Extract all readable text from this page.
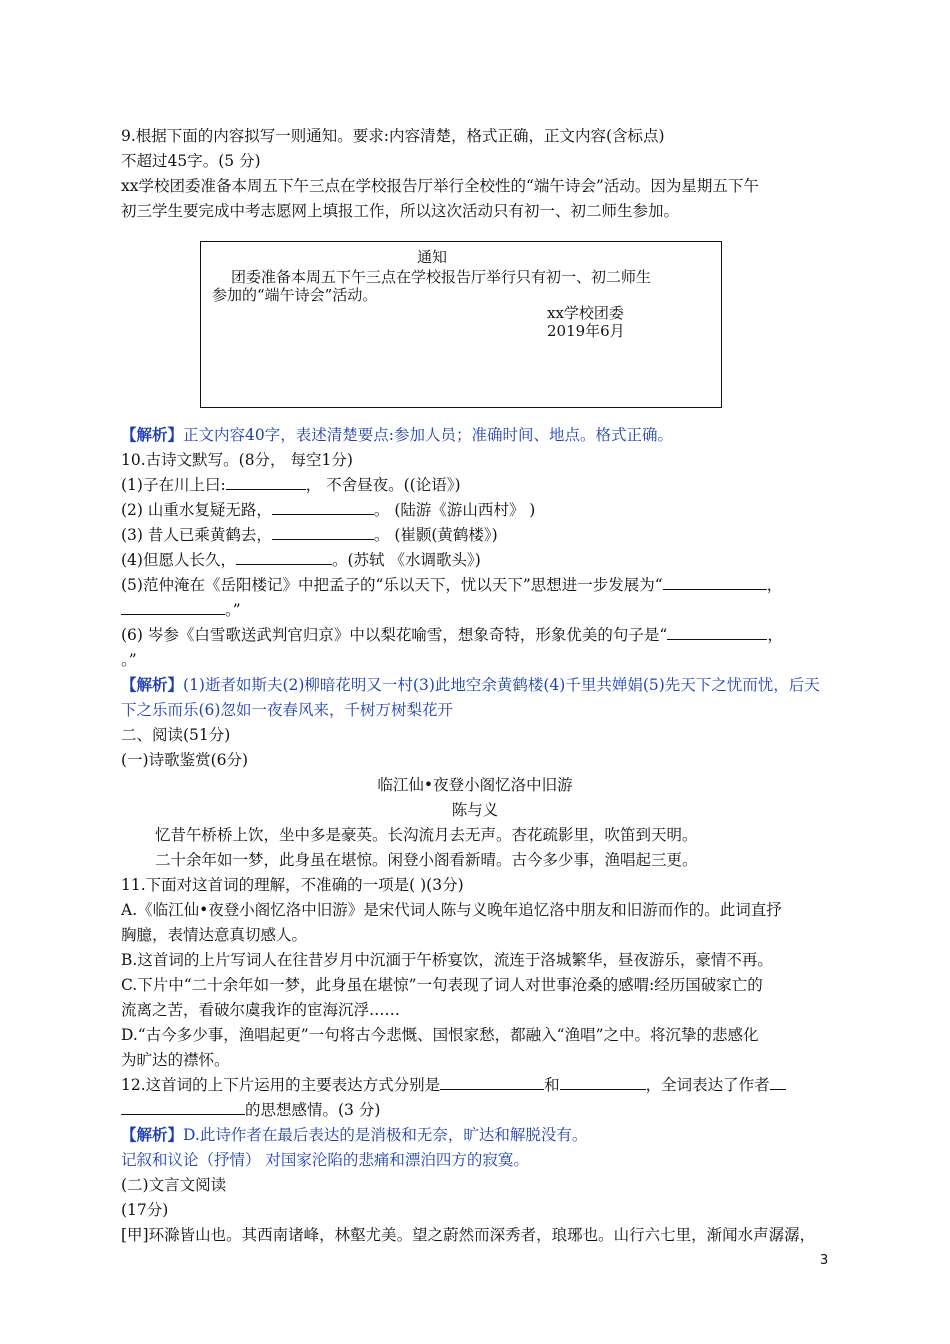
9.根据下面的内容拟写一则通知。要求:内容清楚，格式正确，正文内容(含标点)
不超过45字。(5 分)
xx学校团委准备本周五下午三点在学校报告厅举行全校性的“端午诗会”活动。因为星期五下午
初三学生要完成中考志愿网上填报工作，所以这次活动只有初一、初二师生参加。
通知
团委准备本周五下午三点在学校报告厅举行只有初一、初二师生
参加的“端午诗会”活动。
xx学校团委
2019年6月
【解析】正文内容40字，表述清楚要点:参加人员；准确时间、地点。格式正确。
10.古诗文默写。(8分， 每空1分)
(1)子在川上曰:	， 不舍昼夜。((论语》)
(2) 山重水复疑无路，	。 (陆游《游山西村》 )
(3) 昔人已乘黄鹤去，	。 (崔颢(黄鹤楼》)
(4)但愿人长久，	。(苏轼 《水调歌头》)
(5)范仲淹在《岳阳楼记》中把孟子的“乐以天下，忧以天下”思想进一步发展为“	，
。”
(6) 岑参《白雪歌送武判官归京》中以梨花喻雪，想象奇特，形象优美的句子是“	，
。”
【解析】(1)逝者如斯夫(2)柳暗花明又一村(3)此地空余黄鹤楼(4)千里共婵娟(5)先天下之忧而忧，后天
下之乐而乐(6)忽如一夜春风来，千树万树梨花开
二、阅读(51分)
(一)诗歌鉴赏(6分)
临江仙•夜登小阁忆洛中旧游
陈与义
忆昔午桥桥上饮，坐中多是豪英。长沟流月去无声。杏花疏影里，吹笛到天明。
二十余年如一梦，此身虽在堪惊。闲登小阁看新晴。古今多少事，渔唱起三更。
11.下面对这首词的理解，不准确的一项是( )(3分)
A.《临江仙•夜登小阁忆洛中旧游》是宋代词人陈与义晚年追忆洛中朋友和旧游而作的。此词直抒
胸臆，表情达意真切感人。
B.这首词的上片写词人在往昔岁月中沉湎于午桥宴饮，流连于洛城繁华，昼夜游乐，豪情不再。
C.下片中“二十余年如一梦，此身虽在堪惊”一句表现了词人对世事沧桑的感喟:经历国破家亡的
流离之苦，看破尔虞我诈的宦海沉浮……
D.“古今多少事，渔唱起更”一句将古今悲慨、国恨家愁，都融入“渔唱”之中。将沉挚的悲感化
为旷达的襟怀。
12.这首词的上下片运用的主要表达方式分别是	和	，全词表达了作者
的思想感情。(3 分)
【解析】D.此诗作者在最后表达的是消极和无奈，旷达和解脱没有。
记叙和议论（抒情） 对国家沦陷的悲痛和漂泊四方的寂寞。
(二)文言文阅读
(17分)
[甲]环滁皆山也。其西南诸峰，林壑尤美。望之蔚然而深秀者，琅琊也。山行六七里，渐闻水声潺潺，
3
